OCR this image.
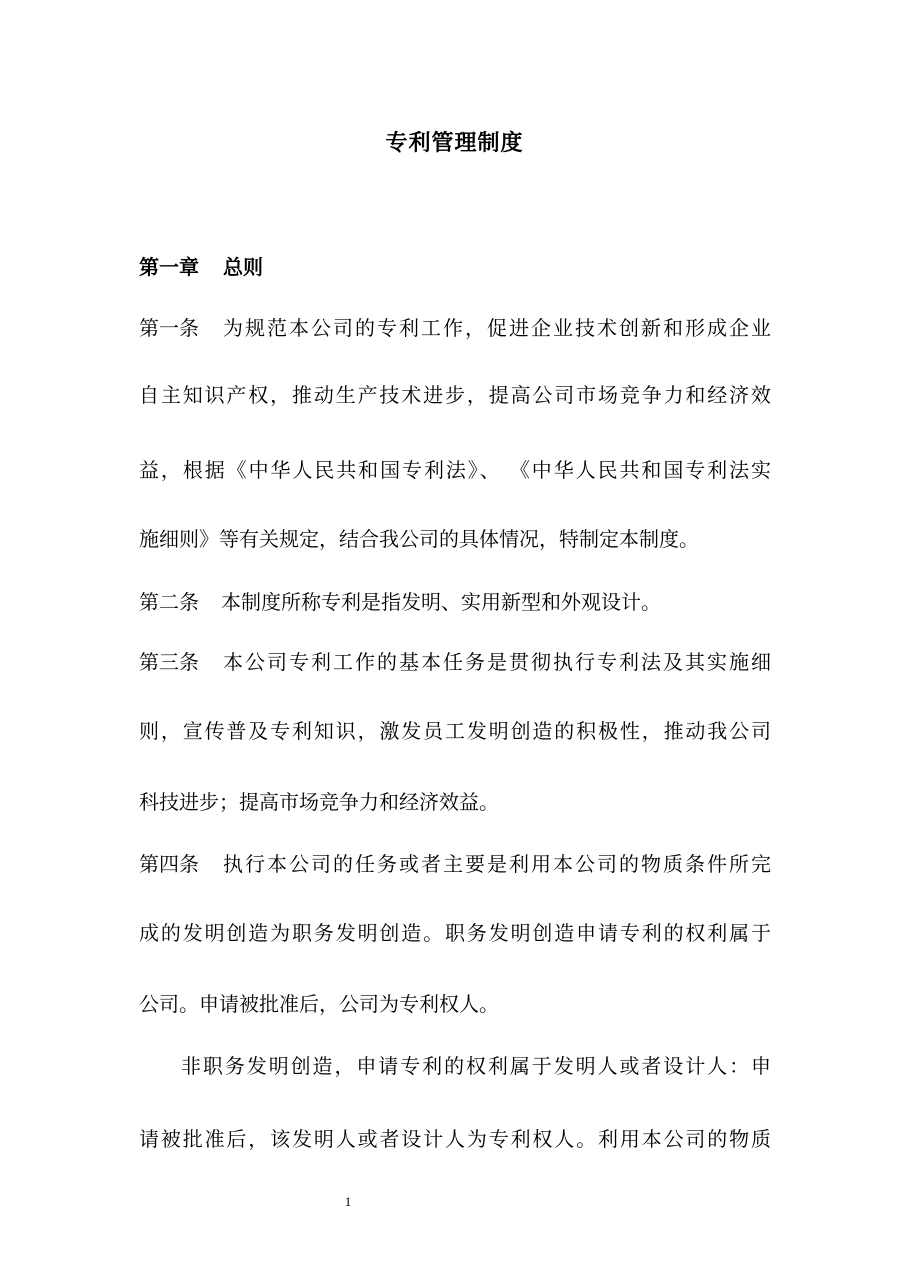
专利管理制度
第一章 总则
第一条 为规范本公司的专利工作，促进企业技术创新和形成企业
自主知识产权，推动生产技术进步，提高公司市场竞争力和经济效
益，根据《中华人民共和国专利法》、 《中华人民共和国专利法实
施细则》等有关规定，结合我公司的具体情况，特制定本制度。
第二条 本制度所称专利是指发明、实用新型和外观设计。
第三条 本公司专利工作的基本任务是贯彻执行专利法及其实施细
则，宣传普及专利知识，激发员工发明创造的积极性，推动我公司
科技进步；提高市场竞争力和经济效益。
第四条 执行本公司的任务或者主要是利用本公司的物质条件所完
成的发明创造为职务发明创造。职务发明创造申请专利的权利属于
公司。申请被批准后，公司为专利权人。
非职务发明创造，申请专利的权利属于发明人或者设计人：申
请被批准后，该发明人或者设计人为专利权人。利用本公司的物质
1
